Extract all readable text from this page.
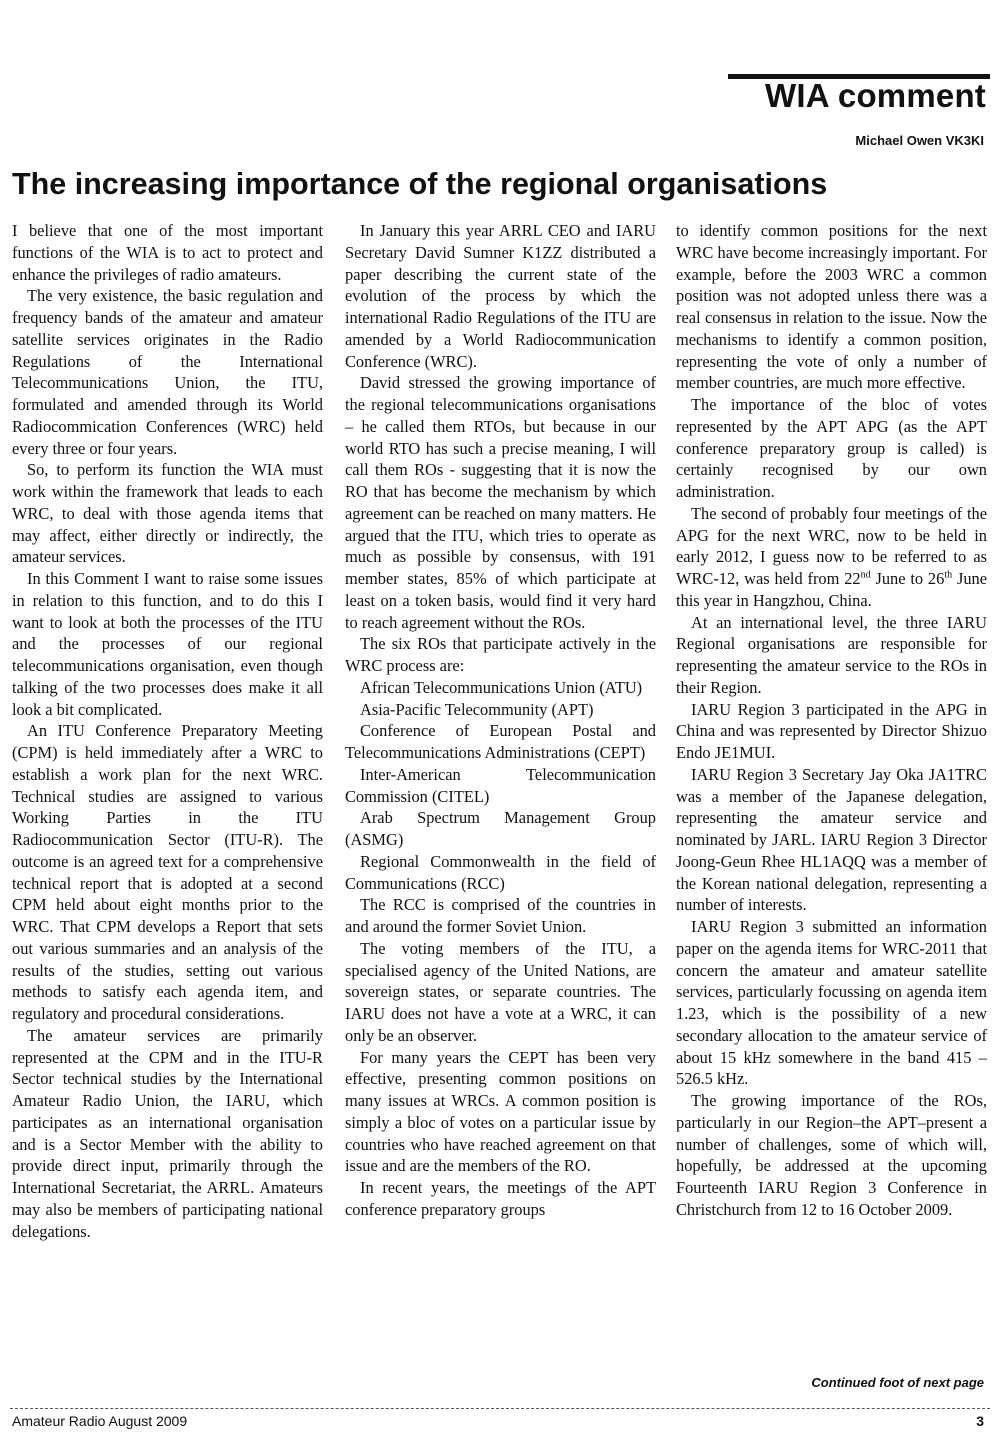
WIA comment
Michael Owen VK3KI
The increasing importance of the regional organisations

I believe that one of the most important functions of the WIA is to act to protect and enhance the privileges of radio amateurs.

The very existence, the basic regulation and frequency bands of the amateur and amateur satellite services originates in the Radio Regulations of the International Telecommunications Union, the ITU, formulated and amended through its World Radiocommication Conferences (WRC) held every three or four years.

So, to perform its function the WIA must work within the framework that leads to each WRC, to deal with those agenda items that may affect, either directly or indirectly, the amateur services.

In this Comment I want to raise some issues in relation to this function, and to do this I want to look at both the processes of the ITU and the processes of our regional telecommunications organisation, even though talking of the two processes does make it all look a bit complicated.

An ITU Conference Preparatory Meeting (CPM) is held immediately after a WRC to establish a work plan for the next WRC. Technical studies are assigned to various Working Parties in the ITU Radiocommunication Sector (ITU-R). The outcome is an agreed text for a comprehensive technical report that is adopted at a second CPM held about eight months prior to the WRC. That CPM develops a Report that sets out various summaries and an analysis of the results of the studies, setting out various methods to satisfy each agenda item, and regulatory and procedural considerations.

The amateur services are primarily represented at the CPM and in the ITU-R Sector technical studies by the International Amateur Radio Union, the IARU, which participates as an international organisation and is a Sector Member with the ability to provide direct input, primarily through the International Secretariat, the ARRL. Amateurs may also be members of participating national delegations.

In January this year ARRL CEO and IARU Secretary David Sumner K1ZZ distributed a paper describing the current state of the evolution of the process by which the international Radio Regulations of the ITU are amended by a World Radiocommunication Conference (WRC).

David stressed the growing importance of the regional telecommunications organisations – he called them RTOs, but because in our world RTO has such a precise meaning, I will call them ROs - suggesting that it is now the RO that has become the mechanism by which agreement can be reached on many matters. He argued that the ITU, which tries to operate as much as possible by consensus, with 191 member states, 85% of which participate at least on a token basis, would find it very hard to reach agreement without the ROs.

The six ROs that participate actively in the WRC process are:

African Telecommunications Union (ATU)

Asia-Pacific Telecommunity (APT)

Conference of European Postal and Telecommunications Administrations (CEPT)

Inter-American Telecommunication Commission (CITEL)

Arab Spectrum Management Group (ASMG)

Regional Commonwealth in the field of Communications (RCC)

The RCC is comprised of the countries in and around the former Soviet Union.

The voting members of the ITU, a specialised agency of the United Nations, are sovereign states, or separate countries. The IARU does not have a vote at a WRC, it can only be an observer.

For many years the CEPT has been very effective, presenting common positions on many issues at WRCs. A common position is simply a bloc of votes on a particular issue by countries who have reached agreement on that issue and are the members of the RO.

In recent years, the meetings of the APT conference preparatory groups

to identify common positions for the next WRC have become increasingly important. For example, before the 2003 WRC a common position was not adopted unless there was a real consensus in relation to the issue. Now the mechanisms to identify a common position, representing the vote of only a number of member countries, are much more effective.

The importance of the bloc of votes represented by the APT APG (as the APT conference preparatory group is called) is certainly recognised by our own administration.

The second of probably four meetings of the APG for the next WRC, now to be held in early 2012, I guess now to be referred to as WRC-12, was held from 22nd June to 26th June this year in Hangzhou, China.

At an international level, the three IARU Regional organisations are responsible for representing the amateur service to the ROs in their Region.

IARU Region 3 participated in the APG in China and was represented by Director Shizuo Endo JE1MUI.

IARU Region 3 Secretary Jay Oka JA1TRC was a member of the Japanese delegation, representing the amateur service and nominated by JARL. IARU Region 3 Director Joong-Geun Rhee HL1AQQ was a member of the Korean national delegation, representing a number of interests.

IARU Region 3 submitted an information paper on the agenda items for WRC-2011 that concern the amateur and amateur satellite services, particularly focussing on agenda item 1.23, which is the possibility of a new secondary allocation to the amateur service of about 15 kHz somewhere in the band 415 – 526.5 kHz.

The growing importance of the ROs, particularly in our Region–the APT–present a number of challenges, some of which will, hopefully, be addressed at the upcoming Fourteenth IARU Region 3 Conference in Christchurch from 12 to 16 October 2009.

Continued foot of next page
Amateur Radio August 2009	3
